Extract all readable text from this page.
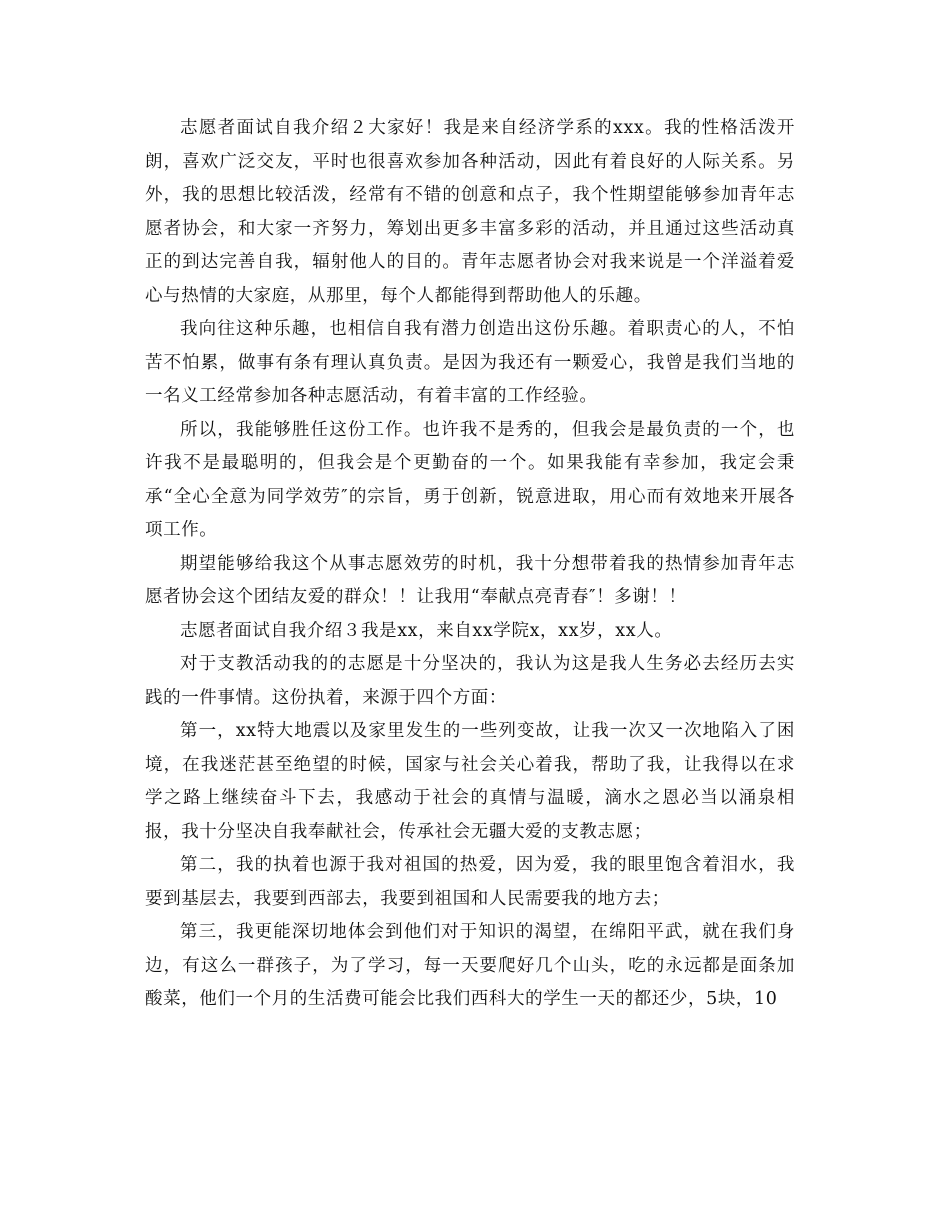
志愿者面试自我介绍２大家好！我是来自经济学系的xxx。我的性格活泼开朗，喜欢广泛交友，平时也很喜欢参加各种活动，因此有着良好的人际关系。另外，我的思想比较活泼，经常有不错的创意和点子，我个性期望能够参加青年志愿者协会，和大家一齐努力，筹划出更多丰富多彩的活动，并且通过这些活动真正的到达完善自我，辐射他人的目的。青年志愿者协会对我来说是一个洋溢着爱心与热情的大家庭，从那里，每个人都能得到帮助他人的乐趣。

我向往这种乐趣，也相信自我有潜力创造出这份乐趣。着职责心的人，不怕苦不怕累，做事有条有理认真负责。是因为我还有一颗爱心，我曾是我们当地的一名义工经常参加各种志愿活动，有着丰富的工作经验。

所以，我能够胜任这份工作。也许我不是秀的，但我会是最负责的一个，也许我不是最聪明的，但我会是个更勤奋的一个。如果我能有幸参加，我定会秉承“全心全意为同学效劳″的宗旨，勇于创新，锐意进取，用心而有效地来开展各项工作。

期望能够给我这个从事志愿效劳的时机，我十分想带着我的热情参加青年志愿者协会这个团结友爱的群众！！让我用“奉献点亮青春″！多谢！！

志愿者面试自我介绍３我是xx，来自xx学院x，xx岁，xx人。

对于支教活动我的的志愿是十分坚决的，我认为这是我人生务必去经历去实践的一件事情。这份执着，来源于四个方面：

第一，xx特大地震以及家里发生的一些列变故，让我一次又一次地陷入了困境，在我迷茫甚至绝望的时候，国家与社会关心着我，帮助了我，让我得以在求学之路上继续奋斗下去，我感动于社会的真情与温暖，滴水之恩必当以涌泉相报，我十分坚决自我奉献社会，传承社会无疆大爱的支教志愿；

第二，我的执着也源于我对祖国的热爱，因为爱，我的眼里饱含着泪水，我要到基层去，我要到西部去，我要到祖国和人民需要我的地方去；

第三，我更能深切地体会到他们对于知识的渴望，在绵阳平武，就在我们身边，有这么一群孩子，为了学习，每一天要爬好几个山头，吃的永远都是面条加酸菜，他们一个月的生活费可能会比我们西科大的学生一天的都还少，5块，10
